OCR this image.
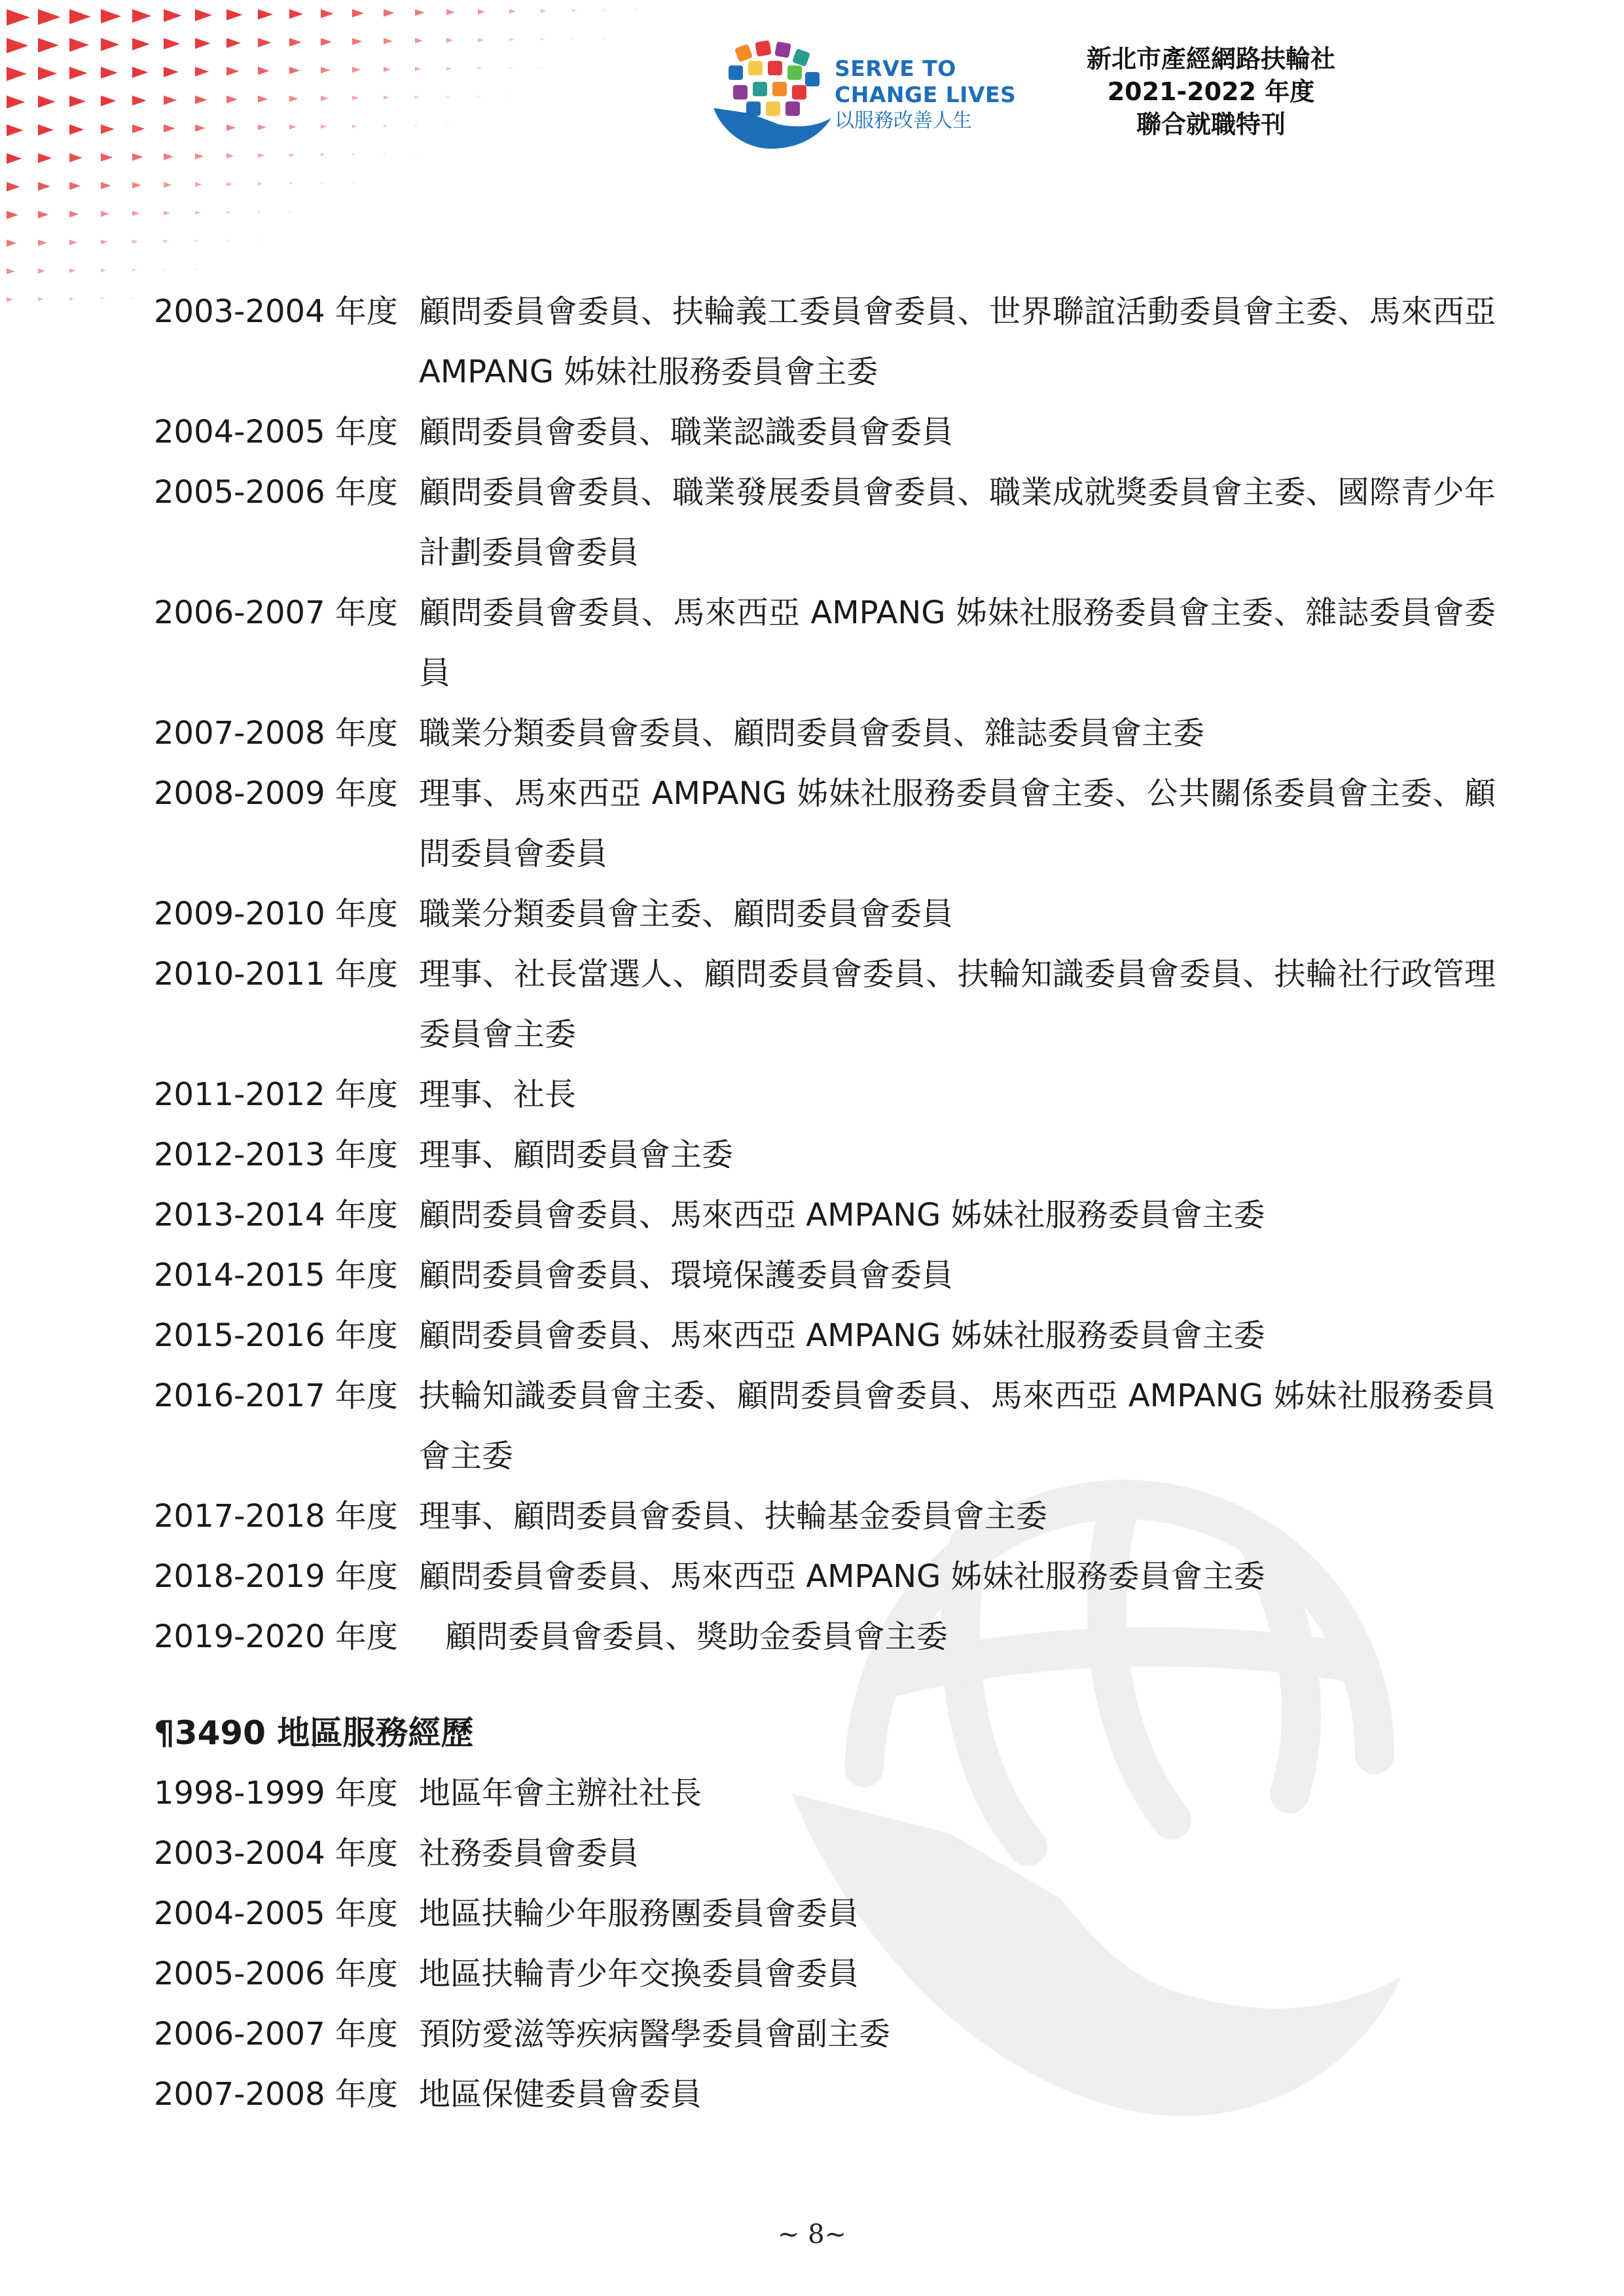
SERVE TO
CHANGE LIVES
以服務改善人生
新北市產經網路扶輪社
2021-2022 年度
聯合就職特刊
2003-2004 年度 顧問委員會委員、扶輪義工委員會委員、世界聯誼活動委員會主委、馬來西亞 AMPANG 姊妹社服務委員會主委
2004-2005 年度 顧問委員會委員、職業認識委員會委員
2005-2006 年度 顧問委員會委員、職業發展委員會委員、職業成就獎委員會主委、國際青少年計劃委員會委員
2006-2007 年度 顧問委員會委員、馬來西亞 AMPANG 姊妹社服務委員會主委、雜誌委員會委員
2007-2008 年度 職業分類委員會委員、顧問委員會委員、雜誌委員會主委
2008-2009 年度 理事、馬來西亞 AMPANG 姊妹社服務委員會主委、公共關係委員會主委、顧問委員會委員
2009-2010 年度 職業分類委員會主委、顧問委員會委員
2010-2011 年度 理事、社長當選人、顧問委員會委員、扶輪知識委員會委員、扶輪社行政管理委員會主委
2011-2012 年度 理事、社長
2012-2013 年度 理事、顧問委員會主委
2013-2014 年度 顧問委員會委員、馬來西亞 AMPANG 姊妹社服務委員會主委
2014-2015 年度 顧問委員會委員、環境保護委員會委員
2015-2016 年度 顧問委員會委員、馬來西亞 AMPANG 姊妹社服務委員會主委
2016-2017 年度 扶輪知識委員會主委、顧問委員會委員、馬來西亞 AMPANG 姊妹社服務委員會主委
2017-2018 年度 理事、顧問委員會委員、扶輪基金委員會主委
2018-2019 年度 顧問委員會委員、馬來西亞 AMPANG 姊妹社服務委員會主委
2019-2020 年度	顧問委員會委員、獎助金委員會主委
¶3490 地區服務經歷
1998-1999 年度 地區年會主辦社社長
2003-2004 年度 社務委員會委員
2004-2005 年度 地區扶輪少年服務團委員會委員
2005-2006 年度 地區扶輪青少年交換委員會委員
2006-2007 年度 預防愛滋等疾病醫學委員會副主委
2007-2008 年度 地區保健委員會委員
~ 8~
